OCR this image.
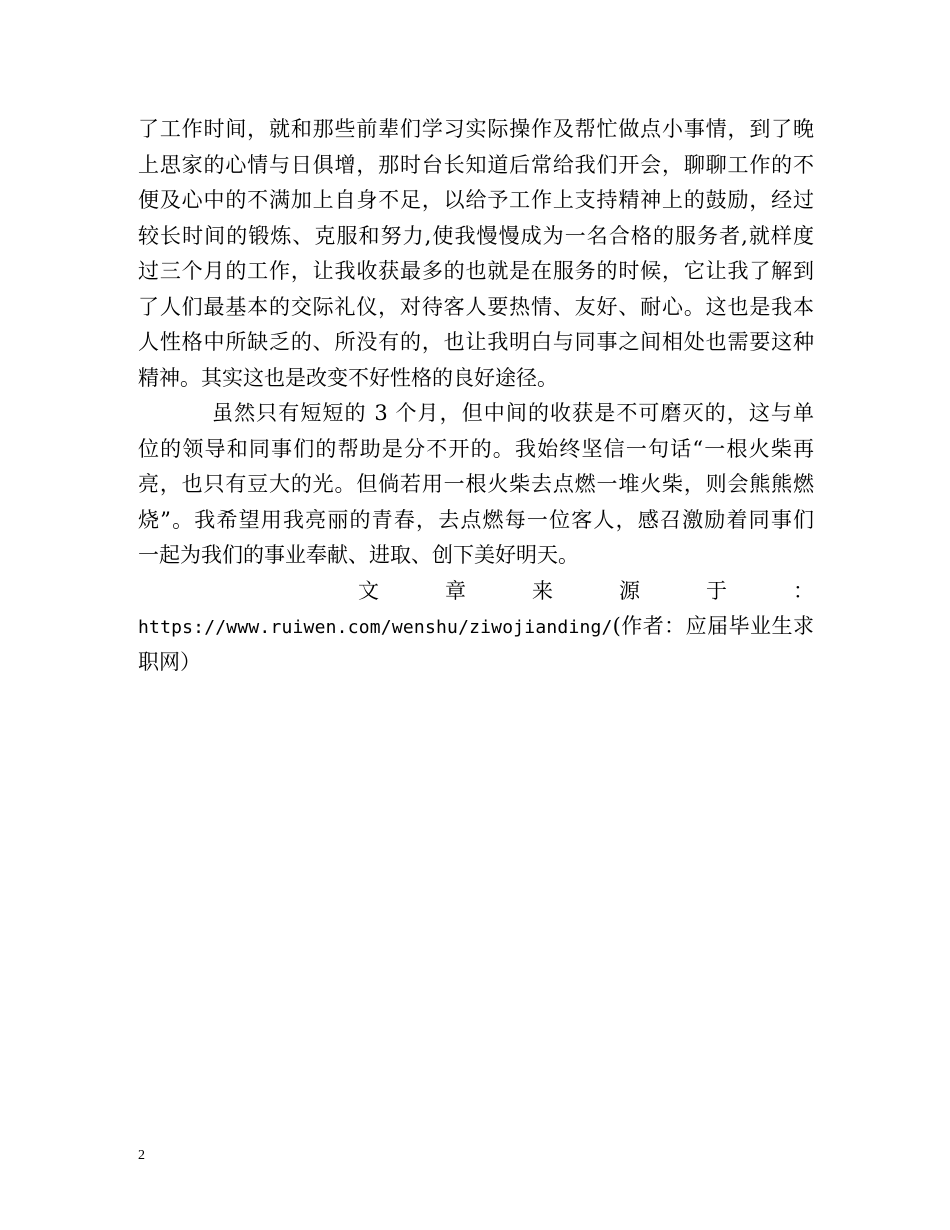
了工作时间，就和那些前辈们学习实际操作及帮忙做点小事情，到了晚
上思家的心情与日俱增，那时台长知道后常给我们开会，聊聊工作的不
便及心中的不满加上自身不足，以给予工作上支持精神上的鼓励，经过
较长时间的锻炼、克服和努力,使我慢慢成为一名合格的服务者,就样度
过三个月的工作，让我收获最多的也就是在服务的时候，它让我了解到
了人们最基本的交际礼仪，对待客人要热情、友好、耐心。这也是我本
人性格中所缺乏的、所没有的，也让我明白与同事之间相处也需要这种
精神。其实这也是改变不好性格的良好途径。
虽然只有短短的 3 个月，但中间的收获是不可磨灭的，这与单
位的领导和同事们的帮助是分不开的。我始终坚信一句话“一根火柴再
亮，也只有豆大的光。但倘若用一根火柴去点燃一堆火柴，则会熊熊燃
烧”。我希望用我亮丽的青春，去点燃每一位客人，感召激励着同事们
一起为我们的事业奉献、进取、创下美好明天。
文	章	来	源	于	：
https://www.ruiwen.com/wenshu/ziwojianding/(作者：应届毕业生求
职网）
2
